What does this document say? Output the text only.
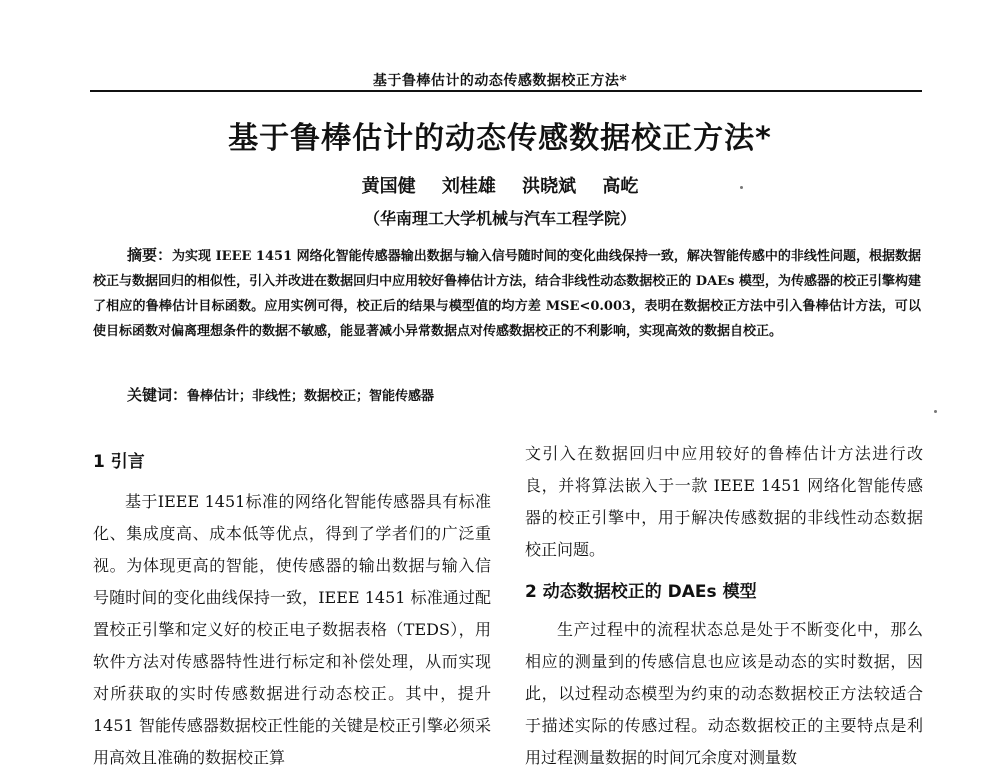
基于鲁棒估计的动态传感数据校正方法*
基于鲁棒估计的动态传感数据校正方法*
黄国健 刘桂雄 洪晓斌 高屹
（华南理工大学机械与汽车工程学院）

摘要：为实现 IEEE 1451 网络化智能传感器输出数据与输入信号随时间的变化曲线保持一致，解决智能传感中的非线性问题，根据数据校正与数据回归的相似性，引入并改进在数据回归中应用较好鲁棒估计方法，结合非线性动态数据校正的 DAEs 模型，为传感器的校正引擎构建了相应的鲁棒估计目标函数。应用实例可得，校正后的结果与模型值的均方差 MSE<0.003，表明在数据校正方法中引入鲁棒估计方法，可以使目标函数对偏离理想条件的数据不敏感，能显著减小异常数据点对传感数据校正的不利影响，实现高效的数据自校正。

关键词：鲁棒估计；非线性；数据校正；智能传感器

1 引言

基于IEEE 1451标准的网络化智能传感器具有标准化、集成度高、成本低等优点，得到了学者们的广泛重视。为体现更高的智能，使传感器的输出数据与输入信号随时间的变化曲线保持一致，IEEE 1451 标准通过配置校正引擎和定义好的校正电子数据表格（TEDS），用软件方法对传感器特性进行标定和补偿处理，从而实现对所获取的实时传感数据进行动态校正。其中，提升 1451 智能传感器数据校正性能的关键是校正引擎必须采用高效且准确的数据校正算

文引入在数据回归中应用较好的鲁棒估计方法进行改良，并将算法嵌入于一款 IEEE 1451 网络化智能传感器的校正引擎中，用于解决传感数据的非线性动态数据校正问题。

2 动态数据校正的 DAEs 模型

生产过程中的流程状态总是处于不断变化中，那么相应的测量到的传感信息也应该是动态的实时数据，因此，以过程动态模型为约束的动态数据校正方法较适合于描述实际的传感过程。动态数据校正的主要特点是利用过程测量数据的时间冗余度对测量数
